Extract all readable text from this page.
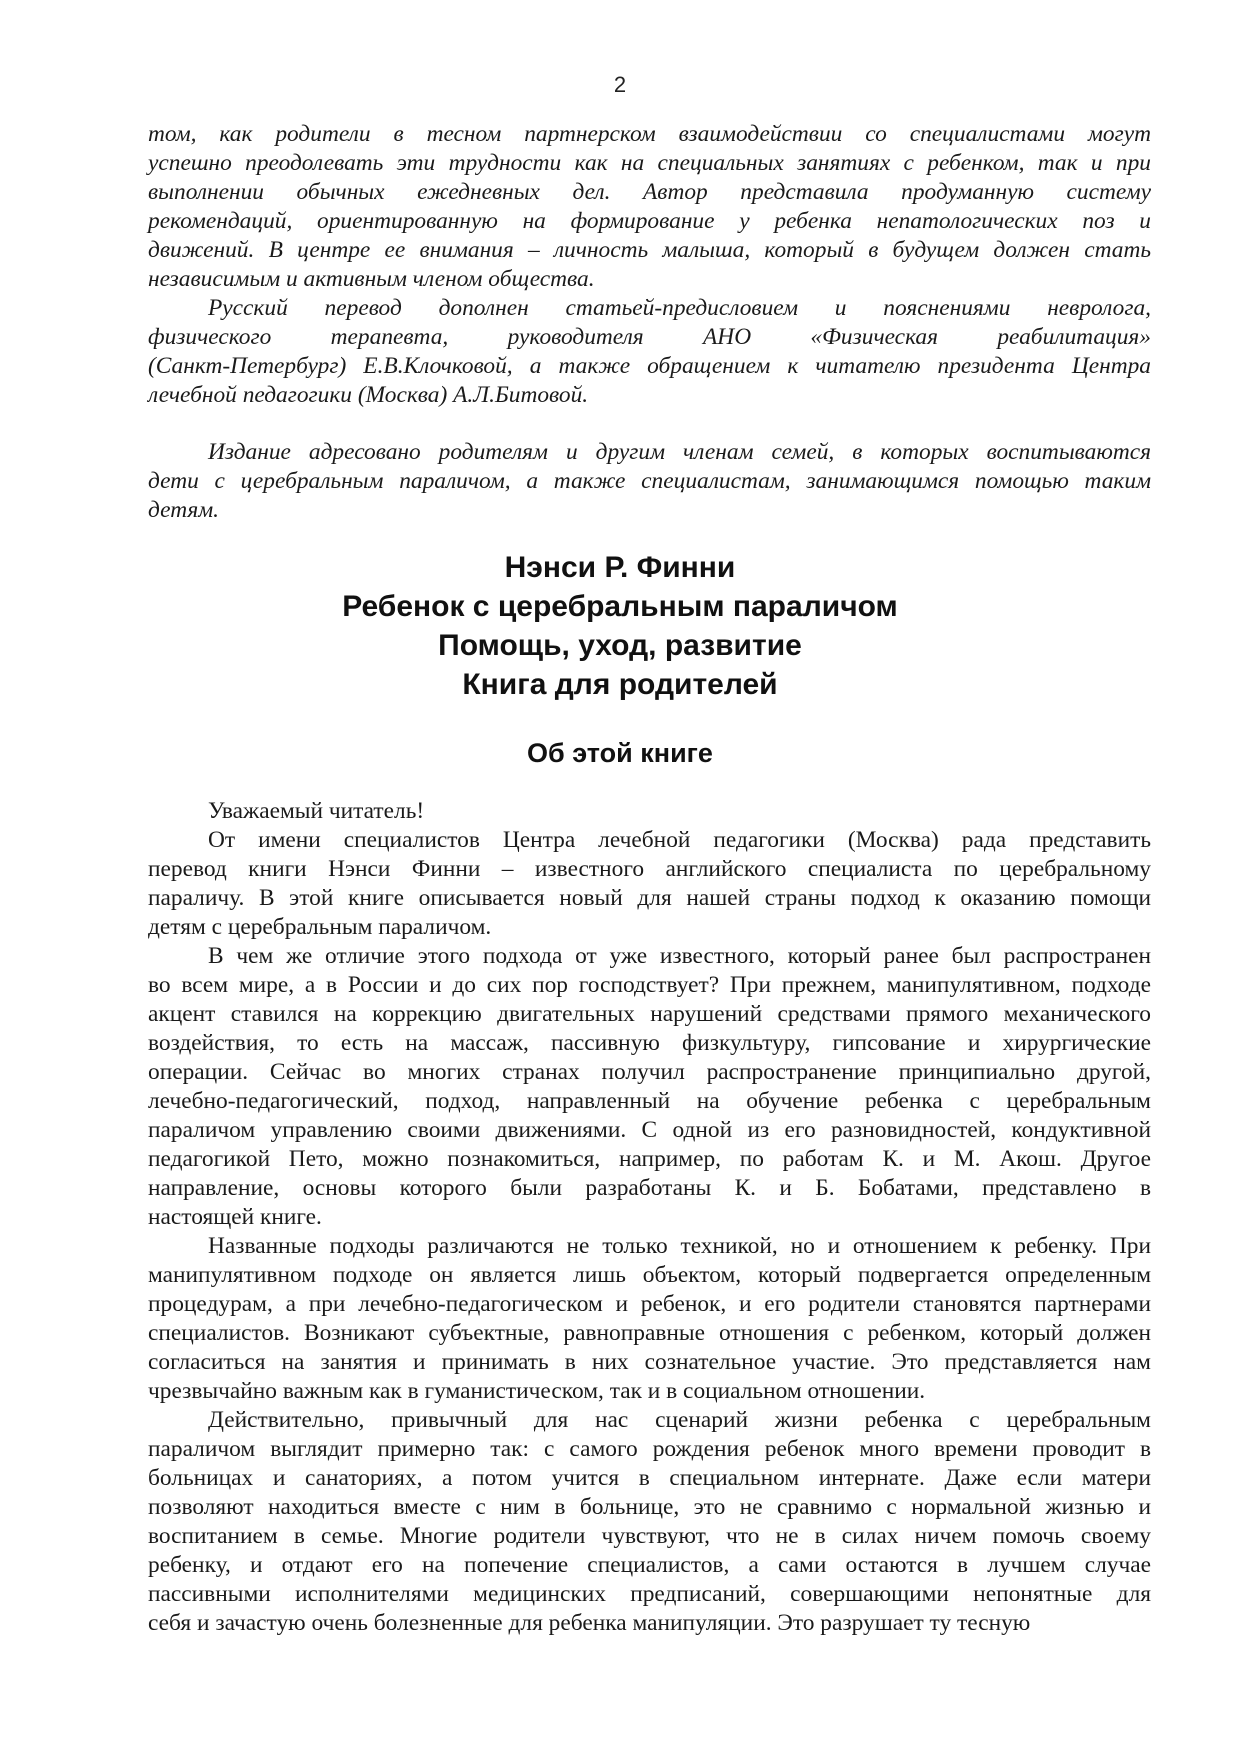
2
том, как родители в тесном партнерском взаимодействии со специалистами могут
успешно преодолевать эти трудности как на специальных занятиях с ребенком, так и при
выполнении обычных ежедневных дел. Автор представила продуманную систему
рекомендаций, ориентированную на формирование у ребенка непатологических поз и
движений. В центре ее внимания – личность малыша, который в будущем должен стать
независимым и активным членом общества.
Русский перевод дополнен статьей-предисловием и пояснениями невролога,
физического терапевта, руководителя АНО «Физическая реабилитация»
(Санкт-Петербург) Е.В.Клочковой, а также обращением к читателю президента Центра
лечебной педагогики (Москва) А.Л.Битовой.
Издание адресовано родителям и другим членам семей, в которых воспитываются
дети с церебральным параличом, а также специалистам, занимающимся помощью таким
детям.
Нэнси Р. Финни
Ребенок с церебральным параличом
Помощь, уход, развитие
Книга для родителей
Об этой книге
Уважаемый читатель!
От имени специалистов Центра лечебной педагогики (Москва) рада представить
перевод книги Нэнси Финни – известного английского специалиста по церебральному
параличу. В этой книге описывается новый для нашей страны подход к оказанию помощи
детям с церебральным параличом.
В чем же отличие этого подхода от уже известного, который ранее был распространен
во всем мире, а в России и до сих пор господствует? При прежнем, манипулятивном, подходе
акцент ставился на коррекцию двигательных нарушений средствами прямого механического
воздействия, то есть на массаж, пассивную физкультуру, гипсование и хирургические
операции. Сейчас во многих странах получил распространение принципиально другой,
лечебно-педагогический, подход, направленный на обучение ребенка с церебральным
параличом управлению своими движениями. С одной из его разновидностей, кондуктивной
педагогикой Пето, можно познакомиться, например, по работам К. и М. Акош. Другое
направление, основы которого были разработаны К. и Б. Бобатами, представлено в
настоящей книге.
Названные подходы различаются не только техникой, но и отношением к ребенку. При
манипулятивном подходе он является лишь объектом, который подвергается определенным
процедурам, а при лечебно-педагогическом и ребенок, и его родители становятся партнерами
специалистов. Возникают субъектные, равноправные отношения с ребенком, который должен
согласиться на занятия и принимать в них сознательное участие. Это представляется нам
чрезвычайно важным как в гуманистическом, так и в социальном отношении.
Действительно, привычный для нас сценарий жизни ребенка с церебральным
параличом выглядит примерно так: с самого рождения ребенок много времени проводит в
больницах и санаториях, а потом учится в специальном интернате. Даже если матери
позволяют находиться вместе с ним в больнице, это не сравнимо с нормальной жизнью и
воспитанием в семье. Многие родители чувствуют, что не в силах ничем помочь своему
ребенку, и отдают его на попечение специалистов, а сами остаются в лучшем случае
пассивными исполнителями медицинских предписаний, совершающими непонятные для
себя и зачастую очень болезненные для ребенка манипуляции. Это разрушает ту тесную
